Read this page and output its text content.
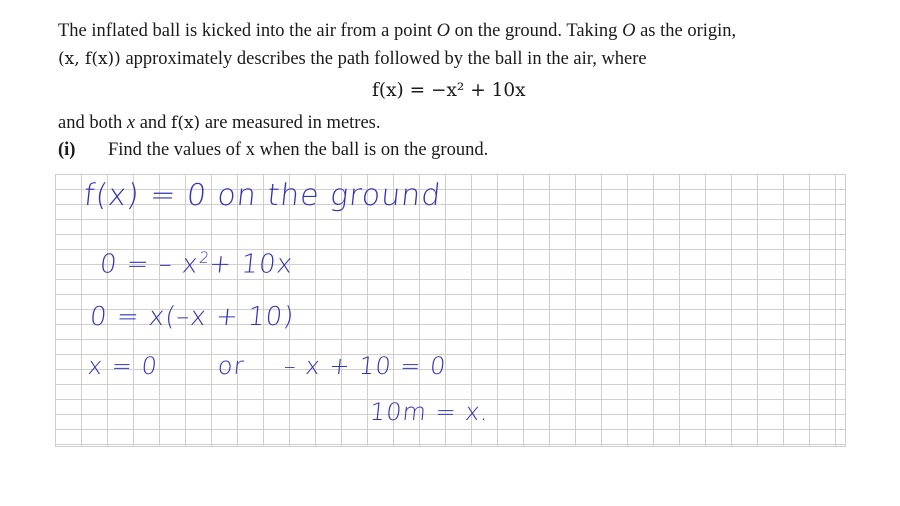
The inflated ball is kicked into the air from a point O on the ground. Taking O as the origin,
(x, f(x)) approximately describes the path followed by the ball in the air, where
f(x) = −x² + 10x
and both x and f(x) are measured in metres.
(i) Find the values of x when the ball is on the ground.
f(x) = 0 on the ground
0 = – $x^2+ 10x$
0 = x(–x + 10)
x = 0 or – x + 10 = 0
10m = x.
